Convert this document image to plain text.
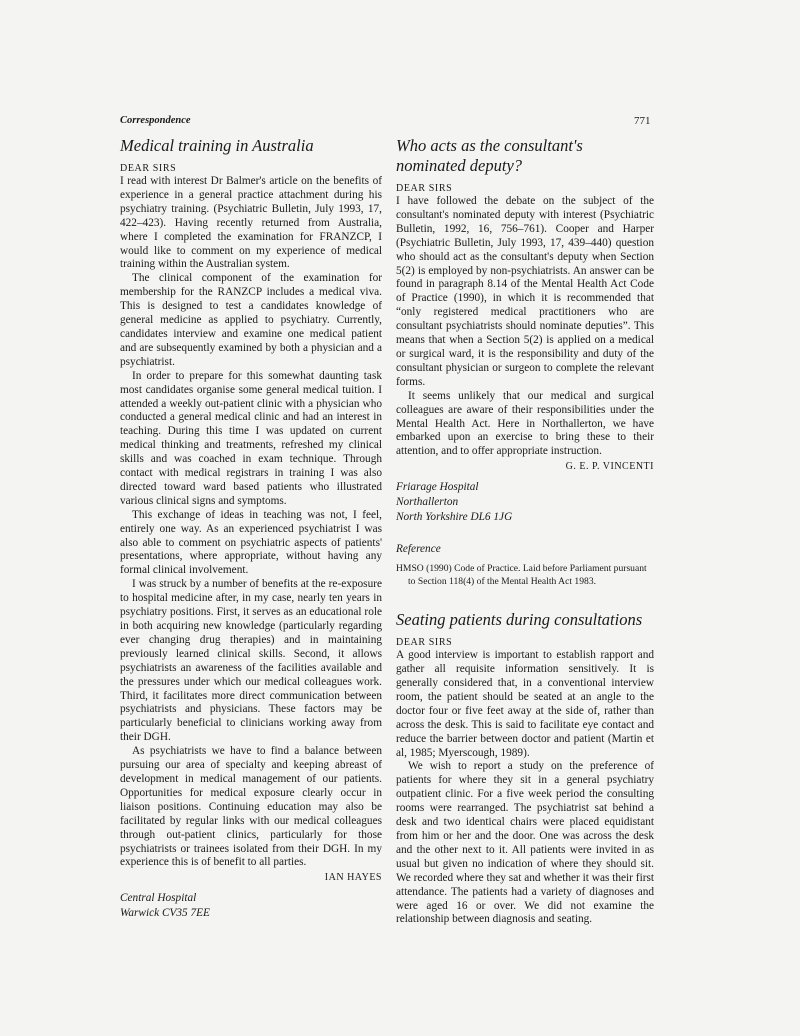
Correspondence	771
Medical training in Australia
DEAR SIRS

I read with interest Dr Balmer's article on the benefits of experience in a general practice attachment during his psychiatry training. (Psychiatric Bulletin, July 1993, 17, 422–423). Having recently returned from Australia, where I completed the examination for FRANZCP, I would like to comment on my experience of medical training within the Australian system.

The clinical component of the examination for membership for the RANZCP includes a medical viva. This is designed to test a candidates knowledge of general medicine as applied to psychiatry. Currently, candidates interview and examine one medical patient and are subsequently examined by both a physician and a psychiatrist.

In order to prepare for this somewhat daunting task most candidates organise some general medical tuition. I attended a weekly out-patient clinic with a physician who conducted a general medical clinic and had an interest in teaching. During this time I was updated on current medical thinking and treatments, refreshed my clinical skills and was coached in exam technique. Through contact with medical registrars in training I was also directed toward ward based patients who illustrated various clinical signs and symptoms.

This exchange of ideas in teaching was not, I feel, entirely one way. As an experienced psychiatrist I was also able to comment on psychiatric aspects of patients' presentations, where appropriate, without having any formal clinical involvement.

I was struck by a number of benefits at the re-exposure to hospital medicine after, in my case, nearly ten years in psychiatry positions. First, it serves as an educational role in both acquiring new knowledge (particularly regarding ever changing drug therapies) and in maintaining previously learned clinical skills. Second, it allows psychiatrists an awareness of the facilities available and the pressures under which our medical colleagues work. Third, it facilitates more direct communication between psychiatrists and physicians. These factors may be particularly beneficial to clinicians working away from their DGH.

As psychiatrists we have to find a balance between pursuing our area of specialty and keeping abreast of development in medical management of our patients. Opportunities for medical exposure clearly occur in liaison positions. Continuing education may also be facilitated by regular links with our medical colleagues through out-patient clinics, particularly for those psychiatrists or trainees isolated from their DGH. In my experience this is of benefit to all parties.

IAN HAYES
Central Hospital
Warwick CV35 7EE
Who acts as the consultant's nominated deputy?
DEAR SIRS

I have followed the debate on the subject of the consultant's nominated deputy with interest (Psychiatric Bulletin, 1992, 16, 756–761). Cooper and Harper (Psychiatric Bulletin, July 1993, 17, 439–440) question who should act as the consultant's deputy when Section 5(2) is employed by non-psychiatrists. An answer can be found in paragraph 8.14 of the Mental Health Act Code of Practice (1990), in which it is recommended that “only registered medical practitioners who are consultant psychiatrists should nominate deputies”. This means that when a Section 5(2) is applied on a medical or surgical ward, it is the responsibility and duty of the consultant physician or surgeon to complete the relevant forms.

It seems unlikely that our medical and surgical colleagues are aware of their responsibilities under the Mental Health Act. Here in Northallerton, we have embarked upon an exercise to bring these to their attention, and to offer appropriate instruction.

G. E. P. VINCENTI
Friarage Hospital
Northallerton
North Yorkshire DL6 1JG
Reference
HMSO (1990) Code of Practice. Laid before Parliament pursuant to Section 118(4) of the Mental Health Act 1983.
Seating patients during consultations
DEAR SIRS

A good interview is important to establish rapport and gather all requisite information sensitively. It is generally considered that, in a conventional interview room, the patient should be seated at an angle to the doctor four or five feet away at the side of, rather than across the desk. This is said to facilitate eye contact and reduce the barrier between doctor and patient (Martin et al, 1985; Myerscough, 1989).

We wish to report a study on the preference of patients for where they sit in a general psychiatry outpatient clinic. For a five week period the consulting rooms were rearranged. The psychiatrist sat behind a desk and two identical chairs were placed equidistant from him or her and the door. One was across the desk and the other next to it. All patients were invited in as usual but given no indication of where they should sit. We recorded where they sat and whether it was their first attendance. The patients had a variety of diagnoses and were aged 16 or over. We did not examine the relationship between diagnosis and seating.
